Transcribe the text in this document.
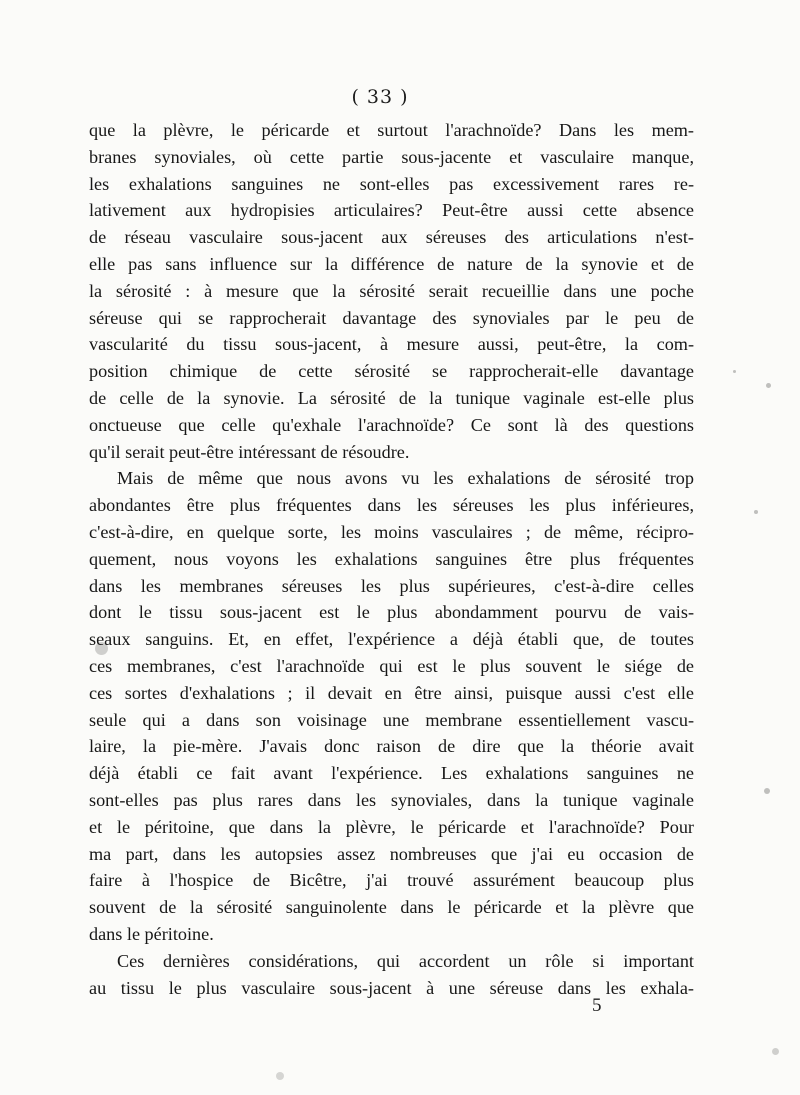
( 33 )
que la plèvre, le péricarde et surtout l'arachnoïde? Dans les mem-
branes synoviales, où cette partie sous-jacente et vasculaire manque,
les exhalations sanguines ne sont-elles pas excessivement rares re-
lativement aux hydropisies articulaires? Peut-être aussi cette absence
de réseau vasculaire sous-jacent aux séreuses des articulations n'est-
elle pas sans influence sur la différence de nature de la synovie et de
la sérosité : à mesure que la sérosité serait recueillie dans une poche
séreuse qui se rapprocherait davantage des synoviales par le peu de
vascularité du tissu sous-jacent, à mesure aussi, peut-être, la com-
position chimique de cette sérosité se rapprocherait-elle davantage
de celle de la synovie. La sérosité de la tunique vaginale est-elle plus
onctueuse que celle qu'exhale l'arachnoïde? Ce sont là des questions
qu'il serait peut-être intéressant de résoudre.
Mais de même que nous avons vu les exhalations de sérosité trop
abondantes être plus fréquentes dans les séreuses les plus inférieures,
c'est-à-dire, en quelque sorte, les moins vasculaires ; de même, récipro-
quement, nous voyons les exhalations sanguines être plus fréquentes
dans les membranes séreuses les plus supérieures, c'est-à-dire celles
dont le tissu sous-jacent est le plus abondamment pourvu de vais-
seaux sanguins. Et, en effet, l'expérience a déjà établi que, de toutes
ces membranes, c'est l'arachnoïde qui est le plus souvent le siége de
ces sortes d'exhalations ; il devait en être ainsi, puisque aussi c'est elle
seule qui a dans son voisinage une membrane essentiellement vascu-
laire, la pie-mère. J'avais donc raison de dire que la théorie avait
déjà établi ce fait avant l'expérience. Les exhalations sanguines ne
sont-elles pas plus rares dans les synoviales, dans la tunique vaginale
et le péritoine, que dans la plèvre, le péricarde et l'arachnoïde? Pour
ma part, dans les autopsies assez nombreuses que j'ai eu occasion de
faire à l'hospice de Bicêtre, j'ai trouvé assurément beaucoup plus
souvent de la sérosité sanguinolente dans le péricarde et la plèvre que
dans le péritoine.
Ces dernières considérations, qui accordent un rôle si important
au tissu le plus vasculaire sous-jacent à une séreuse dans les exhala-
5
